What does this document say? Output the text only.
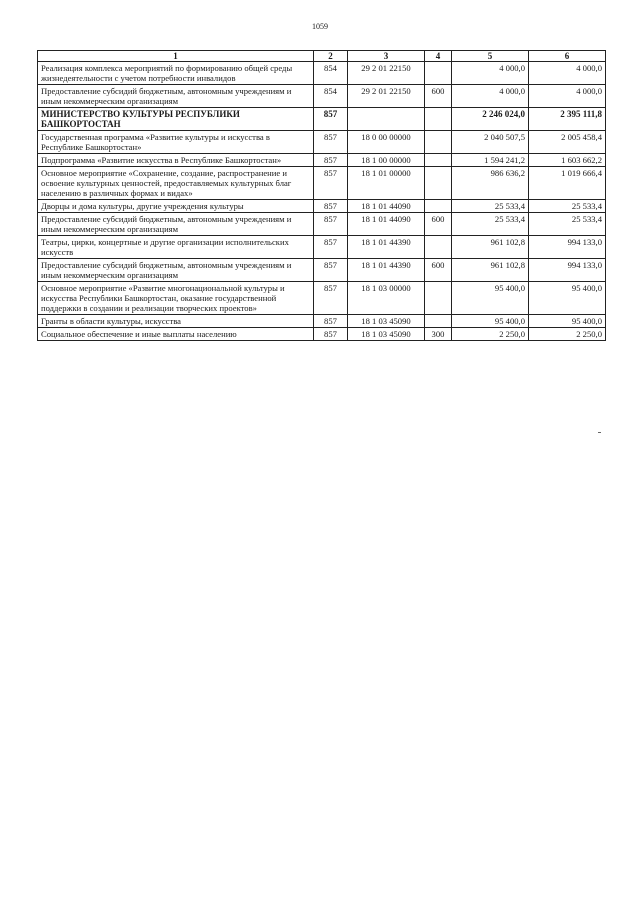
1059
1	2	3	4	5	6
Реализация комплекса мероприятий по формированию общей среды жизнедеятельности с учетом потребности инвалидов	854	29 2 01 22150		4 000,0	4 000,0
Предоставление субсидий бюджетным, автономным учреждениям и иным некоммерческим организациям	854	29 2 01 22150	600	4 000,0	4 000,0
МИНИСТЕРСТВО КУЛЬТУРЫ РЕСПУБЛИКИ БАШКОРТОСТАН	857			2 246 024,0	2 395 111,8
Государственная программа «Развитие культуры и искусства в Республике Башкортостан»	857	18 0 00 00000		2 040 507,5	2 005 458,4
Подпрограмма «Развитие искусства в Республике Башкортостан»	857	18 1 00 00000		1 594 241,2	1 603 662,2
Основное мероприятие «Сохранение, создание, распространение и освоение культурных ценностей, предоставляемых культурных благ населению в различных формах и видах»	857	18 1 01 00000		986 636,2	1 019 666,4
Дворцы и дома культуры, другие учреждения культуры	857	18 1 01 44090		25 533,4	25 533,4
Предоставление субсидий бюджетным, автономным учреждениям и иным некоммерческим организациям	857	18 1 01 44090	600	25 533,4	25 533,4
Театры, цирки, концертные и другие организации исполнительских искусств	857	18 1 01 44390		961 102,8	994 133,0
Предоставление субсидий бюджетным, автономным учреждениям и иным некоммерческим организациям	857	18 1 01 44390	600	961 102,8	994 133,0
Основное мероприятие «Развитие многонациональной культуры и искусства Республики Башкортостан, оказание государственной поддержки в создании и реализации творческих проектов»	857	18 1 03 00000		95 400,0	95 400,0
Гранты в области культуры, искусства	857	18 1 03 45090		95 400,0	95 400,0
Социальное обеспечение и иные выплаты населению	857	18 1 03 45090	300	2 250,0	2 250,0
